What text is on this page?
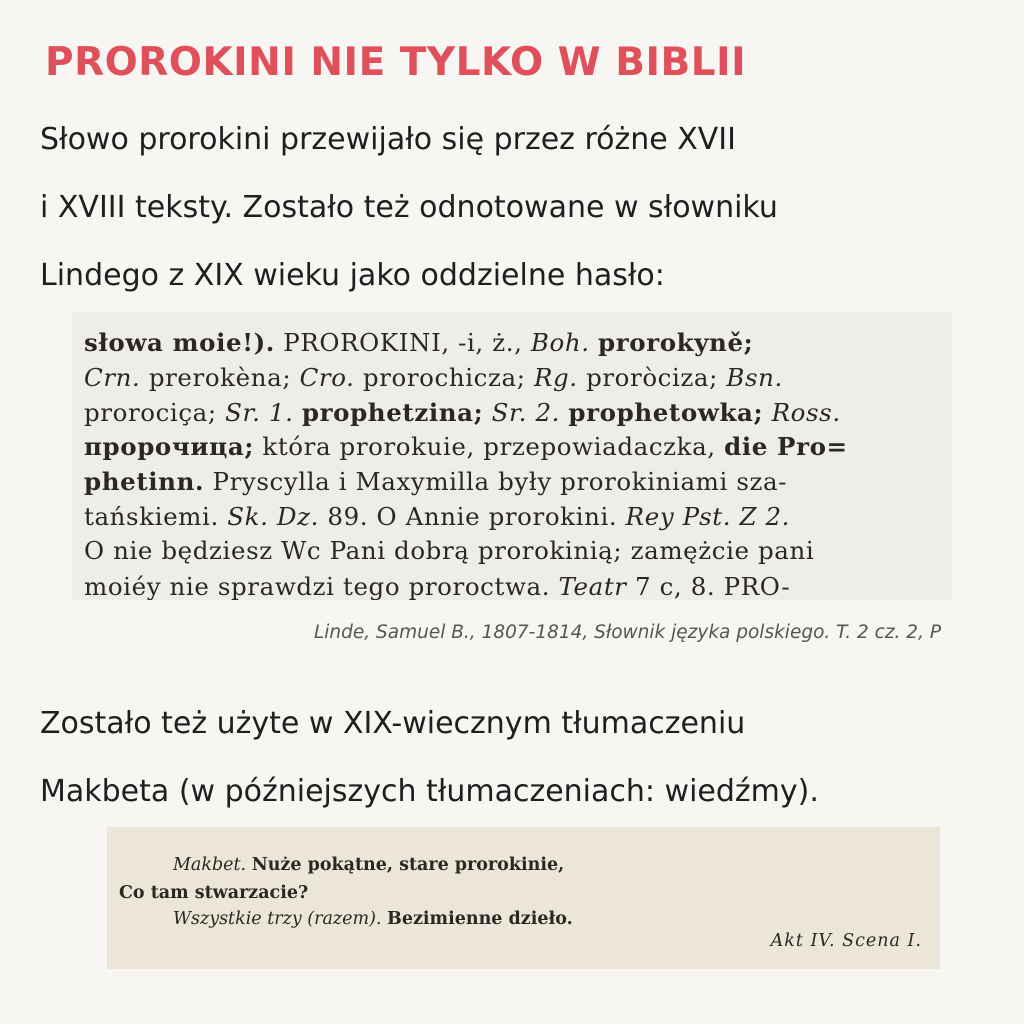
PROROKINI NIE TYLKO W BIBLII

Słowo prorokini przewijało się przez różne XVII
i XVIII teksty. Zostało też odnotowane w słowniku
Lindego z XIX wieku jako oddzielne hasło:

słowa moie!). PROROKINI, -i, ż., Boh. prorokyně;
Crn. prerokèna; Cro. prorochicza; Rg. proròciza; Bsn.
prorociça; Sr. 1. prophetzina; Sr. 2. prophetowka; Ross.
пророчица; która prorokuie, przepowiadaczka, die Pro=
phetinn. Pryscylla i Maxymilla były prorokiniami sza-
tańskiemi. Sk. Dz. 89. O Annie prorokini. Rey Pst. Z 2.
O nie będziesz Wc Pani dobrą prorokinią; zamężcie pani
moiéy nie sprawdzi tego proroctwa. Teatr 7 c, 8. PRO-

Linde, Samuel B., 1807-1814, Słownik języka polskiego. T. 2 cz. 2, P

Zostało też użyte w XIX-wiecznym tłumaczeniu
Makbeta (w późniejszych tłumaczeniach: wiedźmy).

Makbet. Nuże pokątne, stare prorokinie,
Co tam stwarzacie?
Wszystkie trzy (razem). Bezimienne dzieło.
Akt IV. Scena I.
